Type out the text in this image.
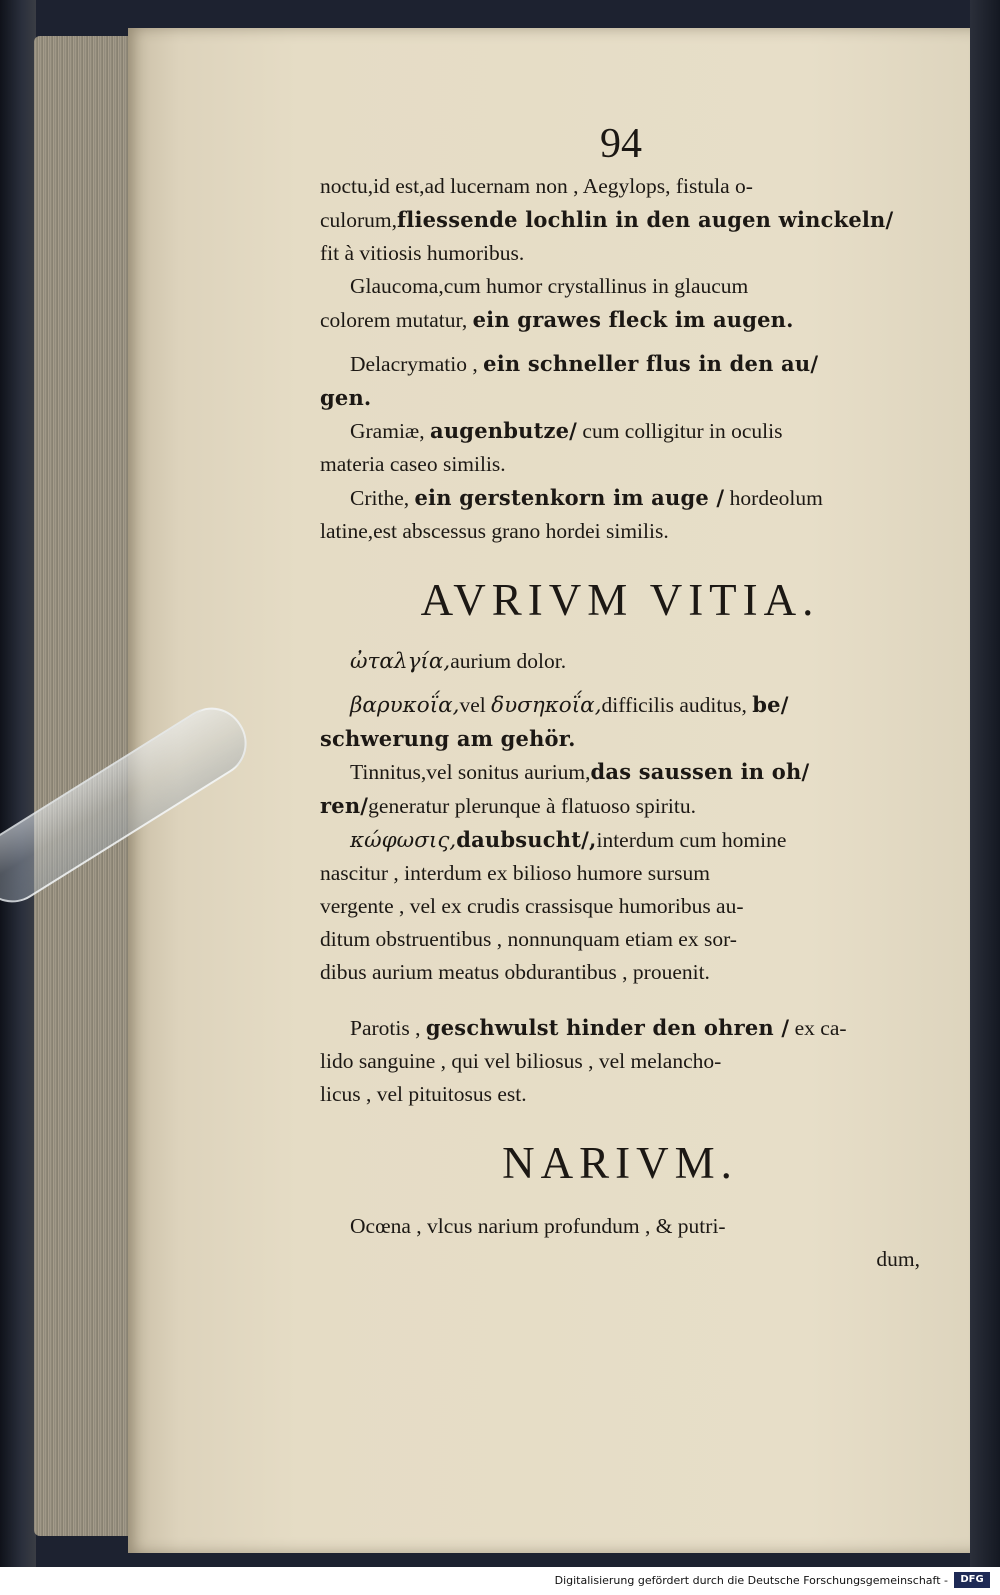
94
noctu,id est,ad lucernam non , Aegylops, fistula o-
culorum,fliessende lochlin in den augen winckeln/
fit à vitiosis humoribus.
Glaucoma,cum humor crystallinus in glaucum
colorem mutatur, ein grawes fleck im augen.
Delacrymatio , ein schneller flus in den au/
gen.
Gramiæ, augenbutze/ cum colligitur in oculis
materia caseo similis.
Crithe, ein gerstenkorn im auge / hordeolum
latine,est abscessus grano hordei similis.
AVRIVM VITIA.
ὠταλγία,aurium dolor.
βαρυκοΐα,vel δυσηκοΐα,difficilis auditus, be/
schwerung am gehör.
Tinnitus,vel sonitus aurium,das saussen in oh/
ren/generatur plerunque à flatuoso spiritu.
κώφωσις,daubsucht/,interdum cum homine
nascitur , interdum ex bilioso humore sursum
vergente , vel ex crudis crassisque humoribus au-
ditum obstruentibus , nonnunquam etiam ex sor-
dibus aurium meatus obdurantibus , prouenit.
Parotis , geschwulst hinder den ohren / ex ca-
lido sanguine , qui vel biliosus , vel melancho-
licus , vel pituitosus est.
NARIVM.
Ocœna , vlcus narium profundum , & putri-
dum,
Digitalisierung gefördert durch die Deutsche Forschungsgemeinschaft -	DFG
